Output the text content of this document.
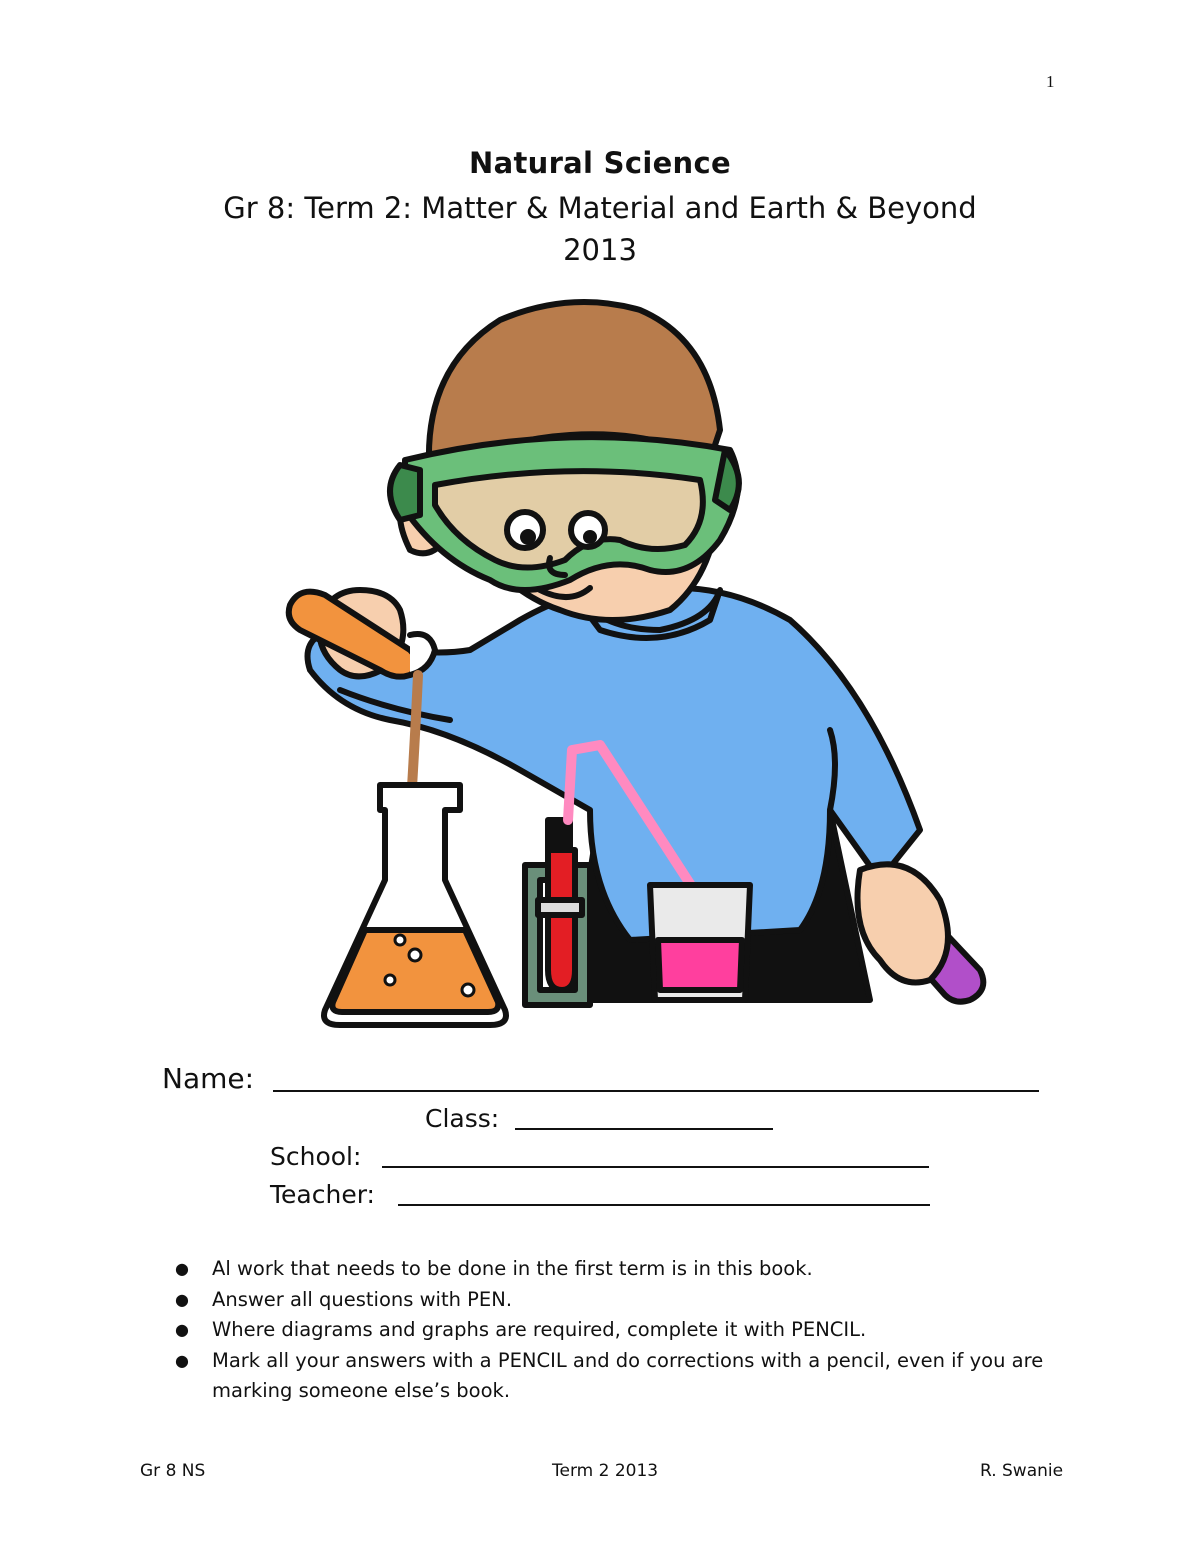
1
Natural Science
Gr 8: Term 2: Matter & Material and Earth & Beyond
2013
Name:
Class:
School:
Teacher:
● Al work that needs to be done in the first term is in this book.
● Answer all questions with PEN.
● Where diagrams and graphs are required, complete it with PENCIL.
● Mark all your answers with a PENCIL and do corrections with a pencil, even if you are marking someone else’s book.
Gr 8 NS	Term 2 2013	R. Swanie
